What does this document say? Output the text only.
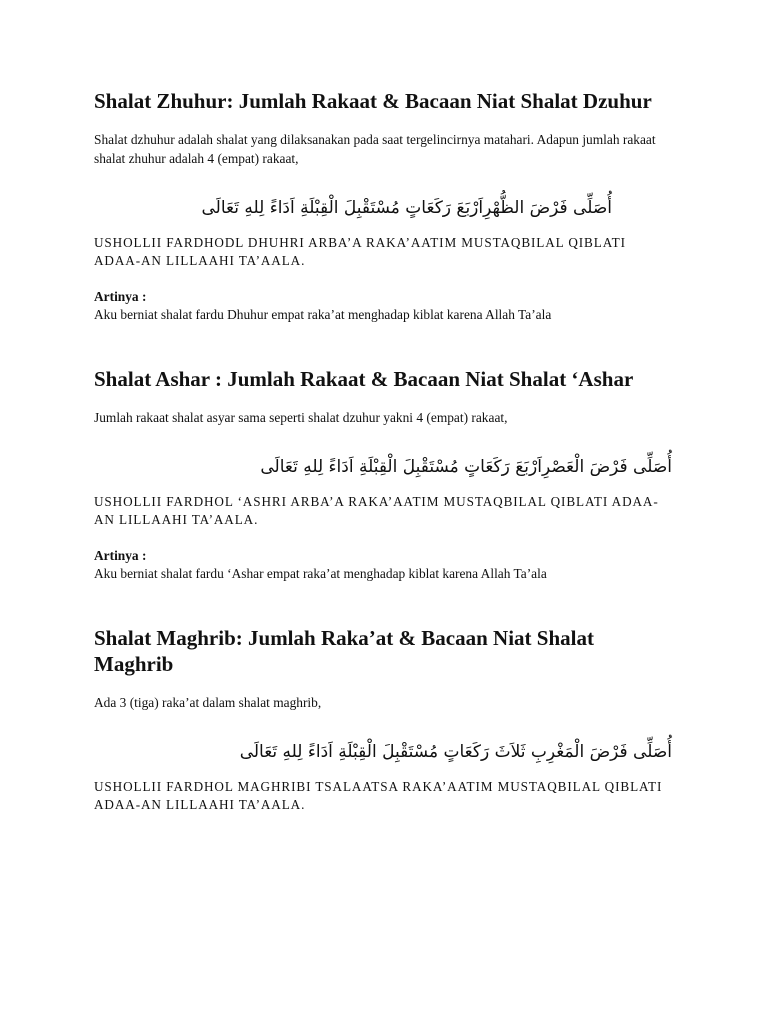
Shalat Zhuhur: Jumlah Rakaat & Bacaan Niat Shalat Dzuhur

Shalat dzhuhur adalah shalat yang dilaksanakan pada saat tergelincirnya matahari. Adapun jumlah rakaat shalat zhuhur adalah 4 (empat) rakaat,

أُصَلِّى فَرْضَ الظُّهْرِاَرْبَعَ رَكَعَاتٍ مُسْتَقْبِلَ الْقِبْلَةِ اَدَاءً لِلهِ تَعَالَى
USHOLLII FARDHODL DHUHRI ARBA’A RAKA’AATIM MUSTAQBILAL QIBLATI ADAA-AN LILLAAHI TA’AALA.
Artinya :
Aku berniat shalat fardu Dhuhur empat raka’at menghadap kiblat karena Allah Ta’ala
Shalat Ashar : Jumlah Rakaat & Bacaan Niat Shalat ‘Ashar

Jumlah rakaat shalat asyar sama seperti shalat dzuhur yakni 4 (empat) rakaat,

أُصَلِّى فَرْضَ الْعَصْرِاَرْبَعَ رَكَعَاتٍ مُسْتَقْبِلَ الْقِبْلَةِ اَدَاءً لِلهِ تَعَالَى
USHOLLII FARDHOL ‘ASHRI ARBA’A RAKA’AATIM MUSTAQBILAL QIBLATI ADAA-AN LILLAAHI TA’AALA.
Artinya :
Aku berniat shalat fardu ‘Ashar empat raka’at menghadap kiblat karena Allah Ta’ala
Shalat Maghrib: Jumlah Raka’at & Bacaan Niat Shalat Maghrib

Ada 3 (tiga) raka’at dalam shalat maghrib,

أُصَلِّى فَرْضَ الْمَغْرِبِ ثَلاَثَ رَكَعَاتٍ مُسْتَقْبِلَ الْقِبْلَةِ اَدَاءً لِلهِ تَعَالَى
USHOLLII FARDHOL MAGHRIBI TSALAATSA RAKA’AATIM MUSTAQBILAL QIBLATI ADAA-AN LILLAAHI TA’AALA.
